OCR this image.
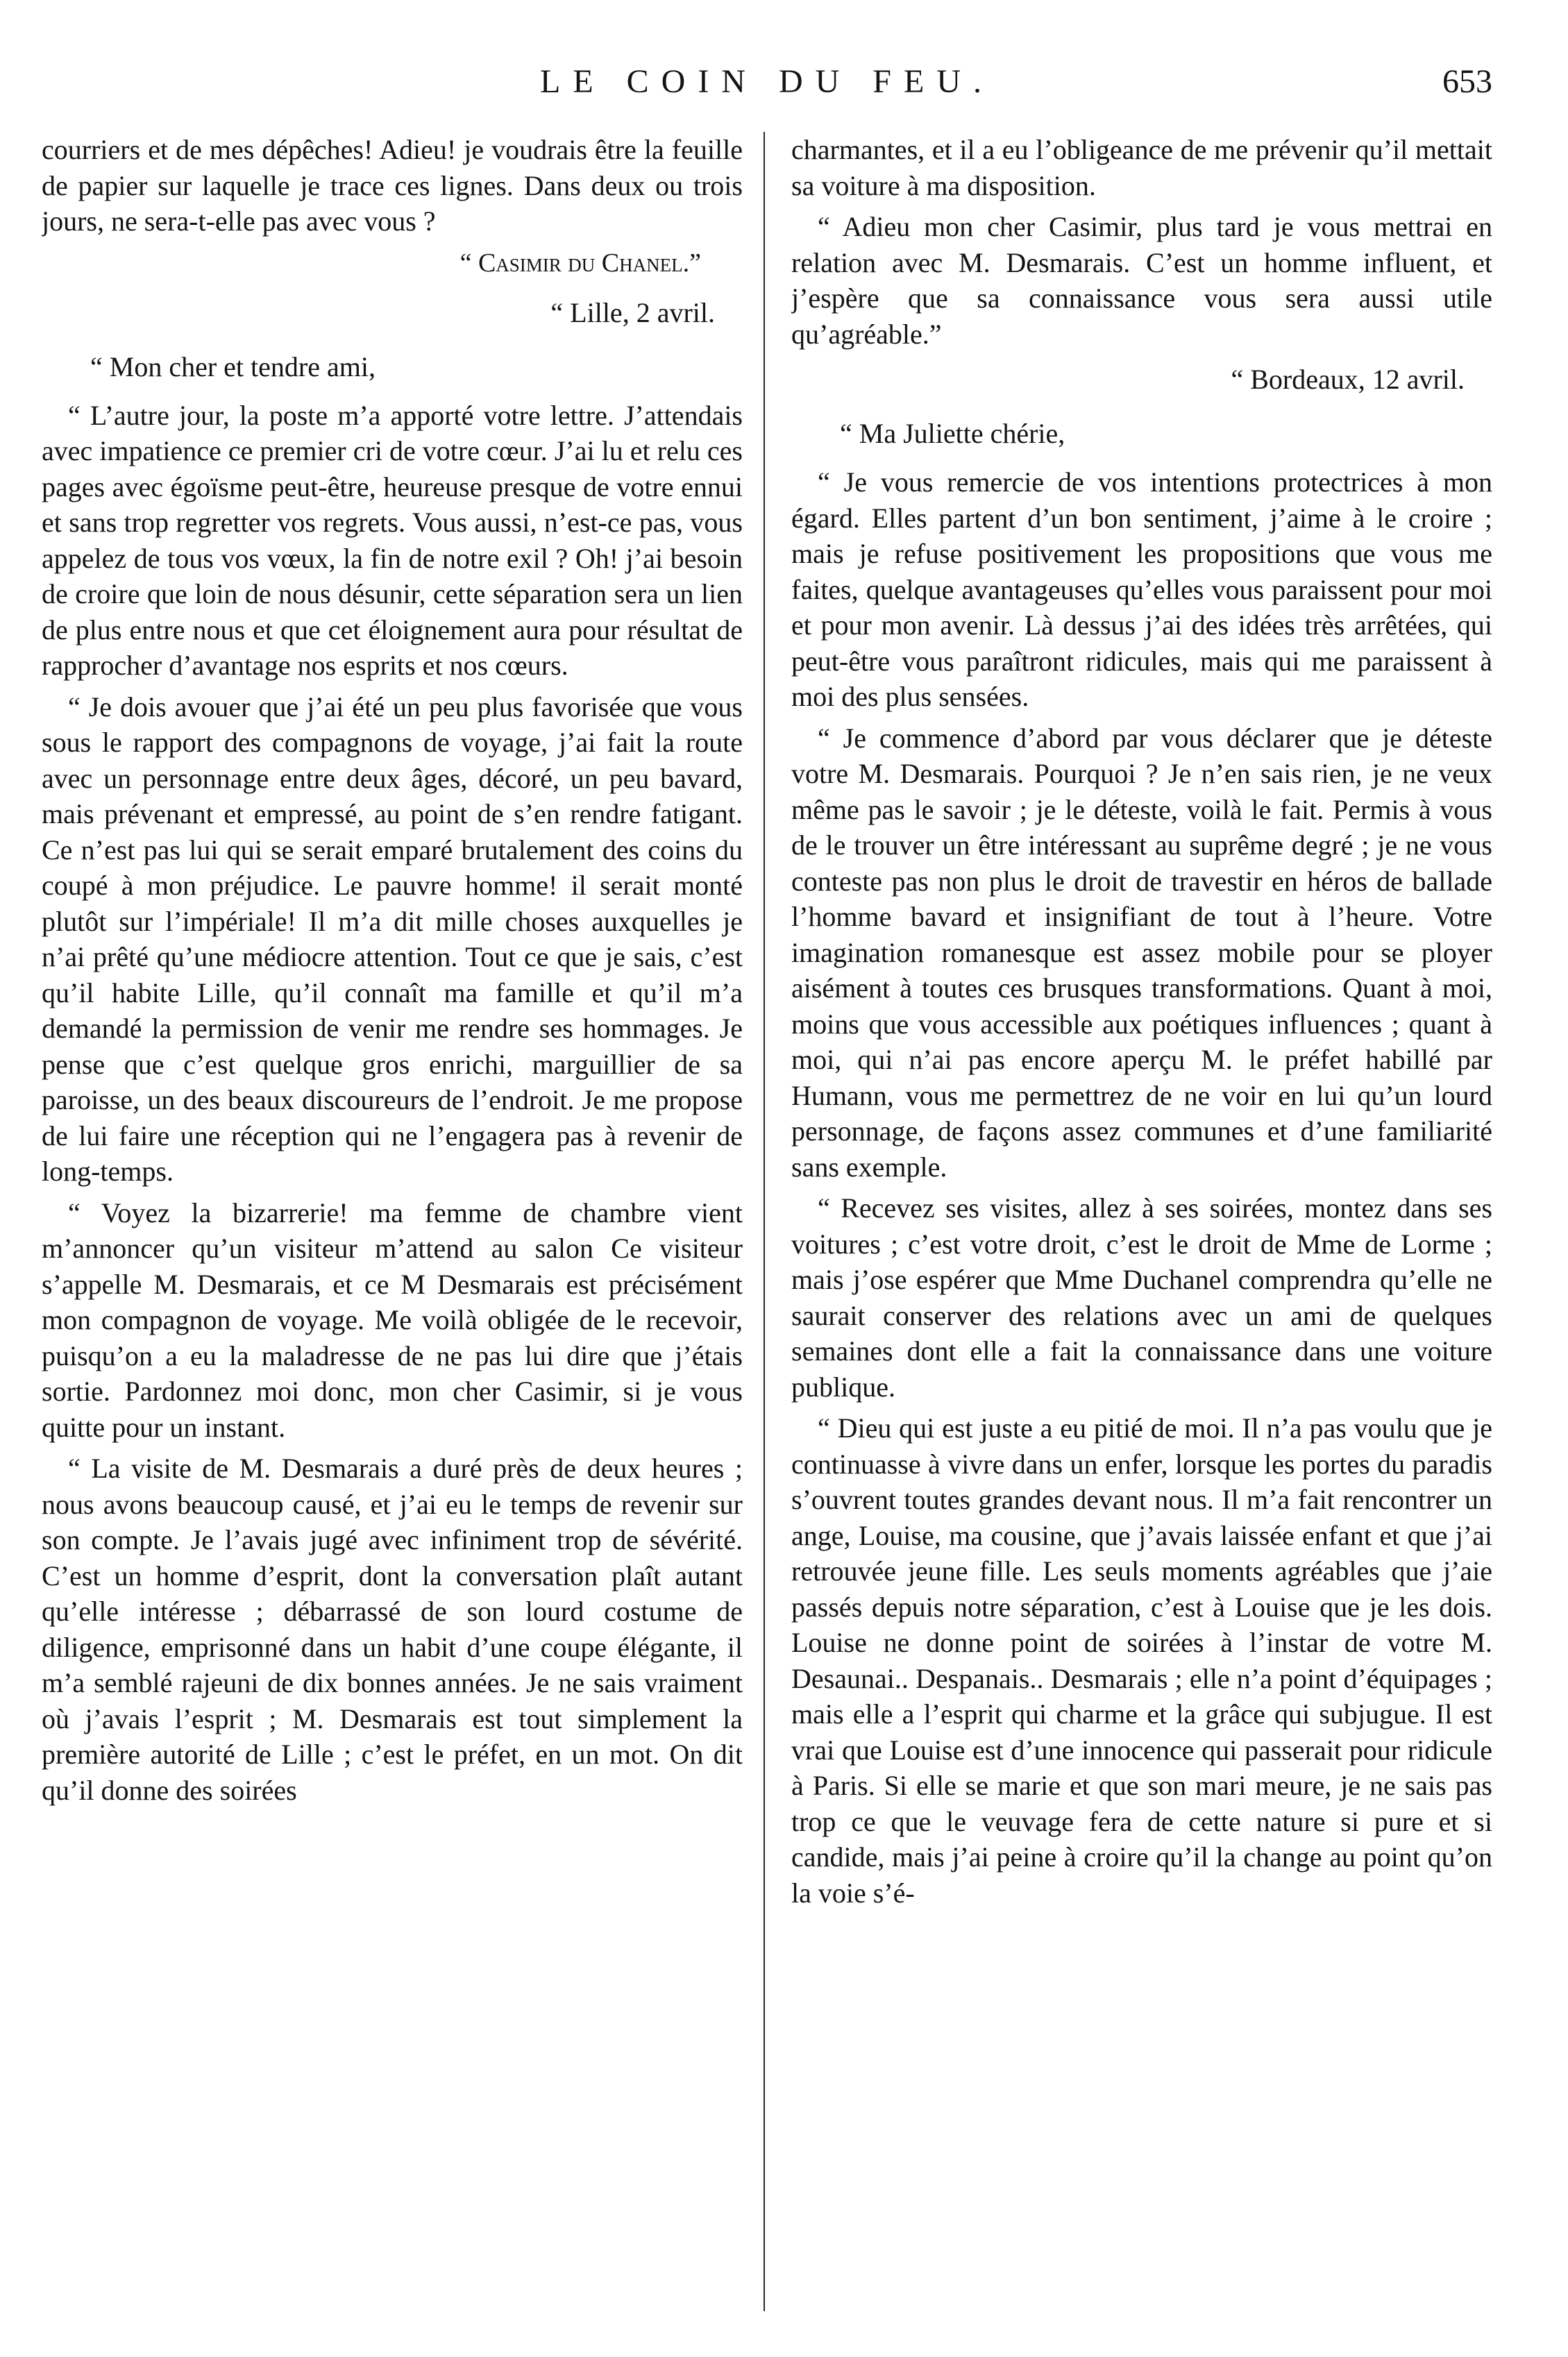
LE COIN DU FEU.	653

courriers et de mes dépêches! Adieu! je voudrais être la feuille de papier sur laquelle je trace ces lignes. Dans deux ou trois jours, ne sera-t-elle pas avec vous ?

“ Casimir du Chanel.”
“ Lille, 2 avril.
“ Mon cher et tendre ami,

“ L’autre jour, la poste m’a apporté votre lettre. J’attendais avec impatience ce premier cri de votre cœur. J’ai lu et relu ces pages avec égoïsme peut-être, heureuse presque de votre ennui et sans trop regretter vos regrets. Vous aussi, n’est-ce pas, vous appelez de tous vos vœux, la fin de notre exil ? Oh! j’ai besoin de croire que loin de nous désunir, cette séparation sera un lien de plus entre nous et que cet éloignement aura pour résultat de rapprocher d’avantage nos esprits et nos cœurs.

“ Je dois avouer que j’ai été un peu plus favorisée que vous sous le rapport des compagnons de voyage, j’ai fait la route avec un personnage entre deux âges, décoré, un peu bavard, mais prévenant et empressé, au point de s’en rendre fatigant. Ce n’est pas lui qui se serait emparé brutalement des coins du coupé à mon préjudice. Le pauvre homme! il serait monté plutôt sur l’impériale! Il m’a dit mille choses auxquelles je n’ai prêté qu’une médiocre attention. Tout ce que je sais, c’est qu’il habite Lille, qu’il connaît ma famille et qu’il m’a demandé la permission de venir me rendre ses hommages. Je pense que c’est quelque gros enrichi, marguillier de sa paroisse, un des beaux discoureurs de l’endroit. Je me propose de lui faire une réception qui ne l’engagera pas à revenir de long-temps.

“ Voyez la bizarrerie! ma femme de chambre vient m’annoncer qu’un visiteur m’attend au salon Ce visiteur s’appelle M. Desmarais, et ce M Desmarais est précisément mon compagnon de voyage. Me voilà obligée de le recevoir, puisqu’on a eu la maladresse de ne pas lui dire que j’étais sortie. Pardonnez moi donc, mon cher Casimir, si je vous quitte pour un instant.

“ La visite de M. Desmarais a duré près de deux heures ; nous avons beaucoup causé, et j’ai eu le temps de revenir sur son compte. Je l’avais jugé avec infiniment trop de sévérité. C’est un homme d’esprit, dont la conversation plaît autant qu’elle intéresse ; débarrassé de son lourd costume de diligence, emprisonné dans un habit d’une coupe élégante, il m’a semblé rajeuni de dix bonnes années. Je ne sais vraiment où j’avais l’esprit ; M. Desmarais est tout simplement la première autorité de Lille ; c’est le préfet, en un mot. On dit qu’il donne des soirées

charmantes, et il a eu l’obligeance de me prévenir qu’il mettait sa voiture à ma disposition.

“ Adieu mon cher Casimir, plus tard je vous mettrai en relation avec M. Desmarais. C’est un homme influent, et j’espère que sa connaissance vous sera aussi utile qu’agréable.”

“ Bordeaux, 12 avril.
“ Ma Juliette chérie,

“ Je vous remercie de vos intentions protectrices à mon égard. Elles partent d’un bon sentiment, j’aime à le croire ; mais je refuse positivement les propositions que vous me faites, quelque avantageuses qu’elles vous paraissent pour moi et pour mon avenir. Là dessus j’ai des idées très arrêtées, qui peut-être vous paraîtront ridicules, mais qui me paraissent à moi des plus sensées.

“ Je commence d’abord par vous déclarer que je déteste votre M. Desmarais. Pourquoi ? Je n’en sais rien, je ne veux même pas le savoir ; je le déteste, voilà le fait. Permis à vous de le trouver un être intéressant au suprême degré ; je ne vous conteste pas non plus le droit de travestir en héros de ballade l’homme bavard et insignifiant de tout à l’heure. Votre imagination romanesque est assez mobile pour se ployer aisément à toutes ces brusques transformations. Quant à moi, moins que vous accessible aux poétiques influences ; quant à moi, qui n’ai pas encore aperçu M. le préfet habillé par Humann, vous me permettrez de ne voir en lui qu’un lourd personnage, de façons assez communes et d’une familiarité sans exemple.

“ Recevez ses visites, allez à ses soirées, montez dans ses voitures ; c’est votre droit, c’est le droit de Mme de Lorme ; mais j’ose espérer que Mme Duchanel comprendra qu’elle ne saurait conserver des relations avec un ami de quelques semaines dont elle a fait la connaissance dans une voiture publique.

“ Dieu qui est juste a eu pitié de moi. Il n’a pas voulu que je continuasse à vivre dans un enfer, lorsque les portes du paradis s’ouvrent toutes grandes devant nous. Il m’a fait rencontrer un ange, Louise, ma cousine, que j’avais laissée enfant et que j’ai retrouvée jeune fille. Les seuls moments agréables que j’aie passés depuis notre séparation, c’est à Louise que je les dois. Louise ne donne point de soirées à l’instar de votre M. Desaunai.. Despanais.. Desmarais ; elle n’a point d’équipages ; mais elle a l’esprit qui charme et la grâce qui subjugue. Il est vrai que Louise est d’une innocence qui passerait pour ridicule à Paris. Si elle se marie et que son mari meure, je ne sais pas trop ce que le veuvage fera de cette nature si pure et si candide, mais j’ai peine à croire qu’il la change au point qu’on la voie s’é-
